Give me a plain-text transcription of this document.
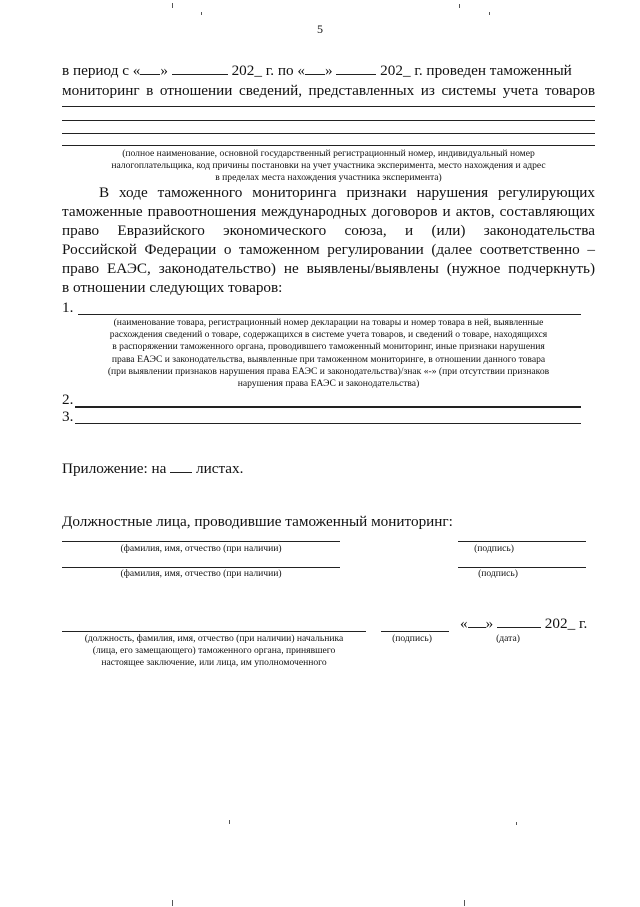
5
в период с « »	202_ г. по « »	202_ г. проведен таможенный
мониторинг в отношении сведений, представленных из системы учета товаров
(полное наименование, основной государственный регистрационный номер, индивидуальный номер
налогоплательщика, код причины постановки на учет участника эксперимента, место нахождения и адрес
в пределах места нахождения участника эксперимента)
В ходе таможенного мониторинга признаки нарушения регулирующих
таможенные правоотношения международных договоров и актов, составляющих
право Евразийского экономического союза, и (или) законодательства
Российской Федерации о таможенном регулировании (далее соответственно –
право ЕАЭС, законодательство) не выявлены/выявлены (нужное подчеркнуть)
в отношении следующих товаров:
1.
(наименование товара, регистрационный номер декларации на товары и номер товара в ней, выявленные
расхождения сведений о товаре, содержащихся в системе учета товаров, и сведений о товаре, находящихся
в распоряжении таможенного органа, проводившего таможенный мониторинг, иные признаки нарушения
права ЕАЭС и законодательства, выявленные при таможенном мониторинге, в отношении данного товара
(при выявлении признаков нарушения права ЕАЭС и законодательства)/знак «-» (при отсутствии признаков
нарушения права ЕАЭС и законодательства)
2.
3.
Приложение: на листах.
Должностные лица, проводившие таможенный мониторинг:
(фамилия, имя, отчество (при наличии)	(подпись)
(фамилия, имя, отчество (при наличии)	(подпись)
(должность, фамилия, имя, отчество (при наличии) начальника
(лица, его замещающего) таможенного органа, принявшего
настоящее заключение, или лица, им уполномоченного
(подпись)
« »	202_ г.
(дата)
